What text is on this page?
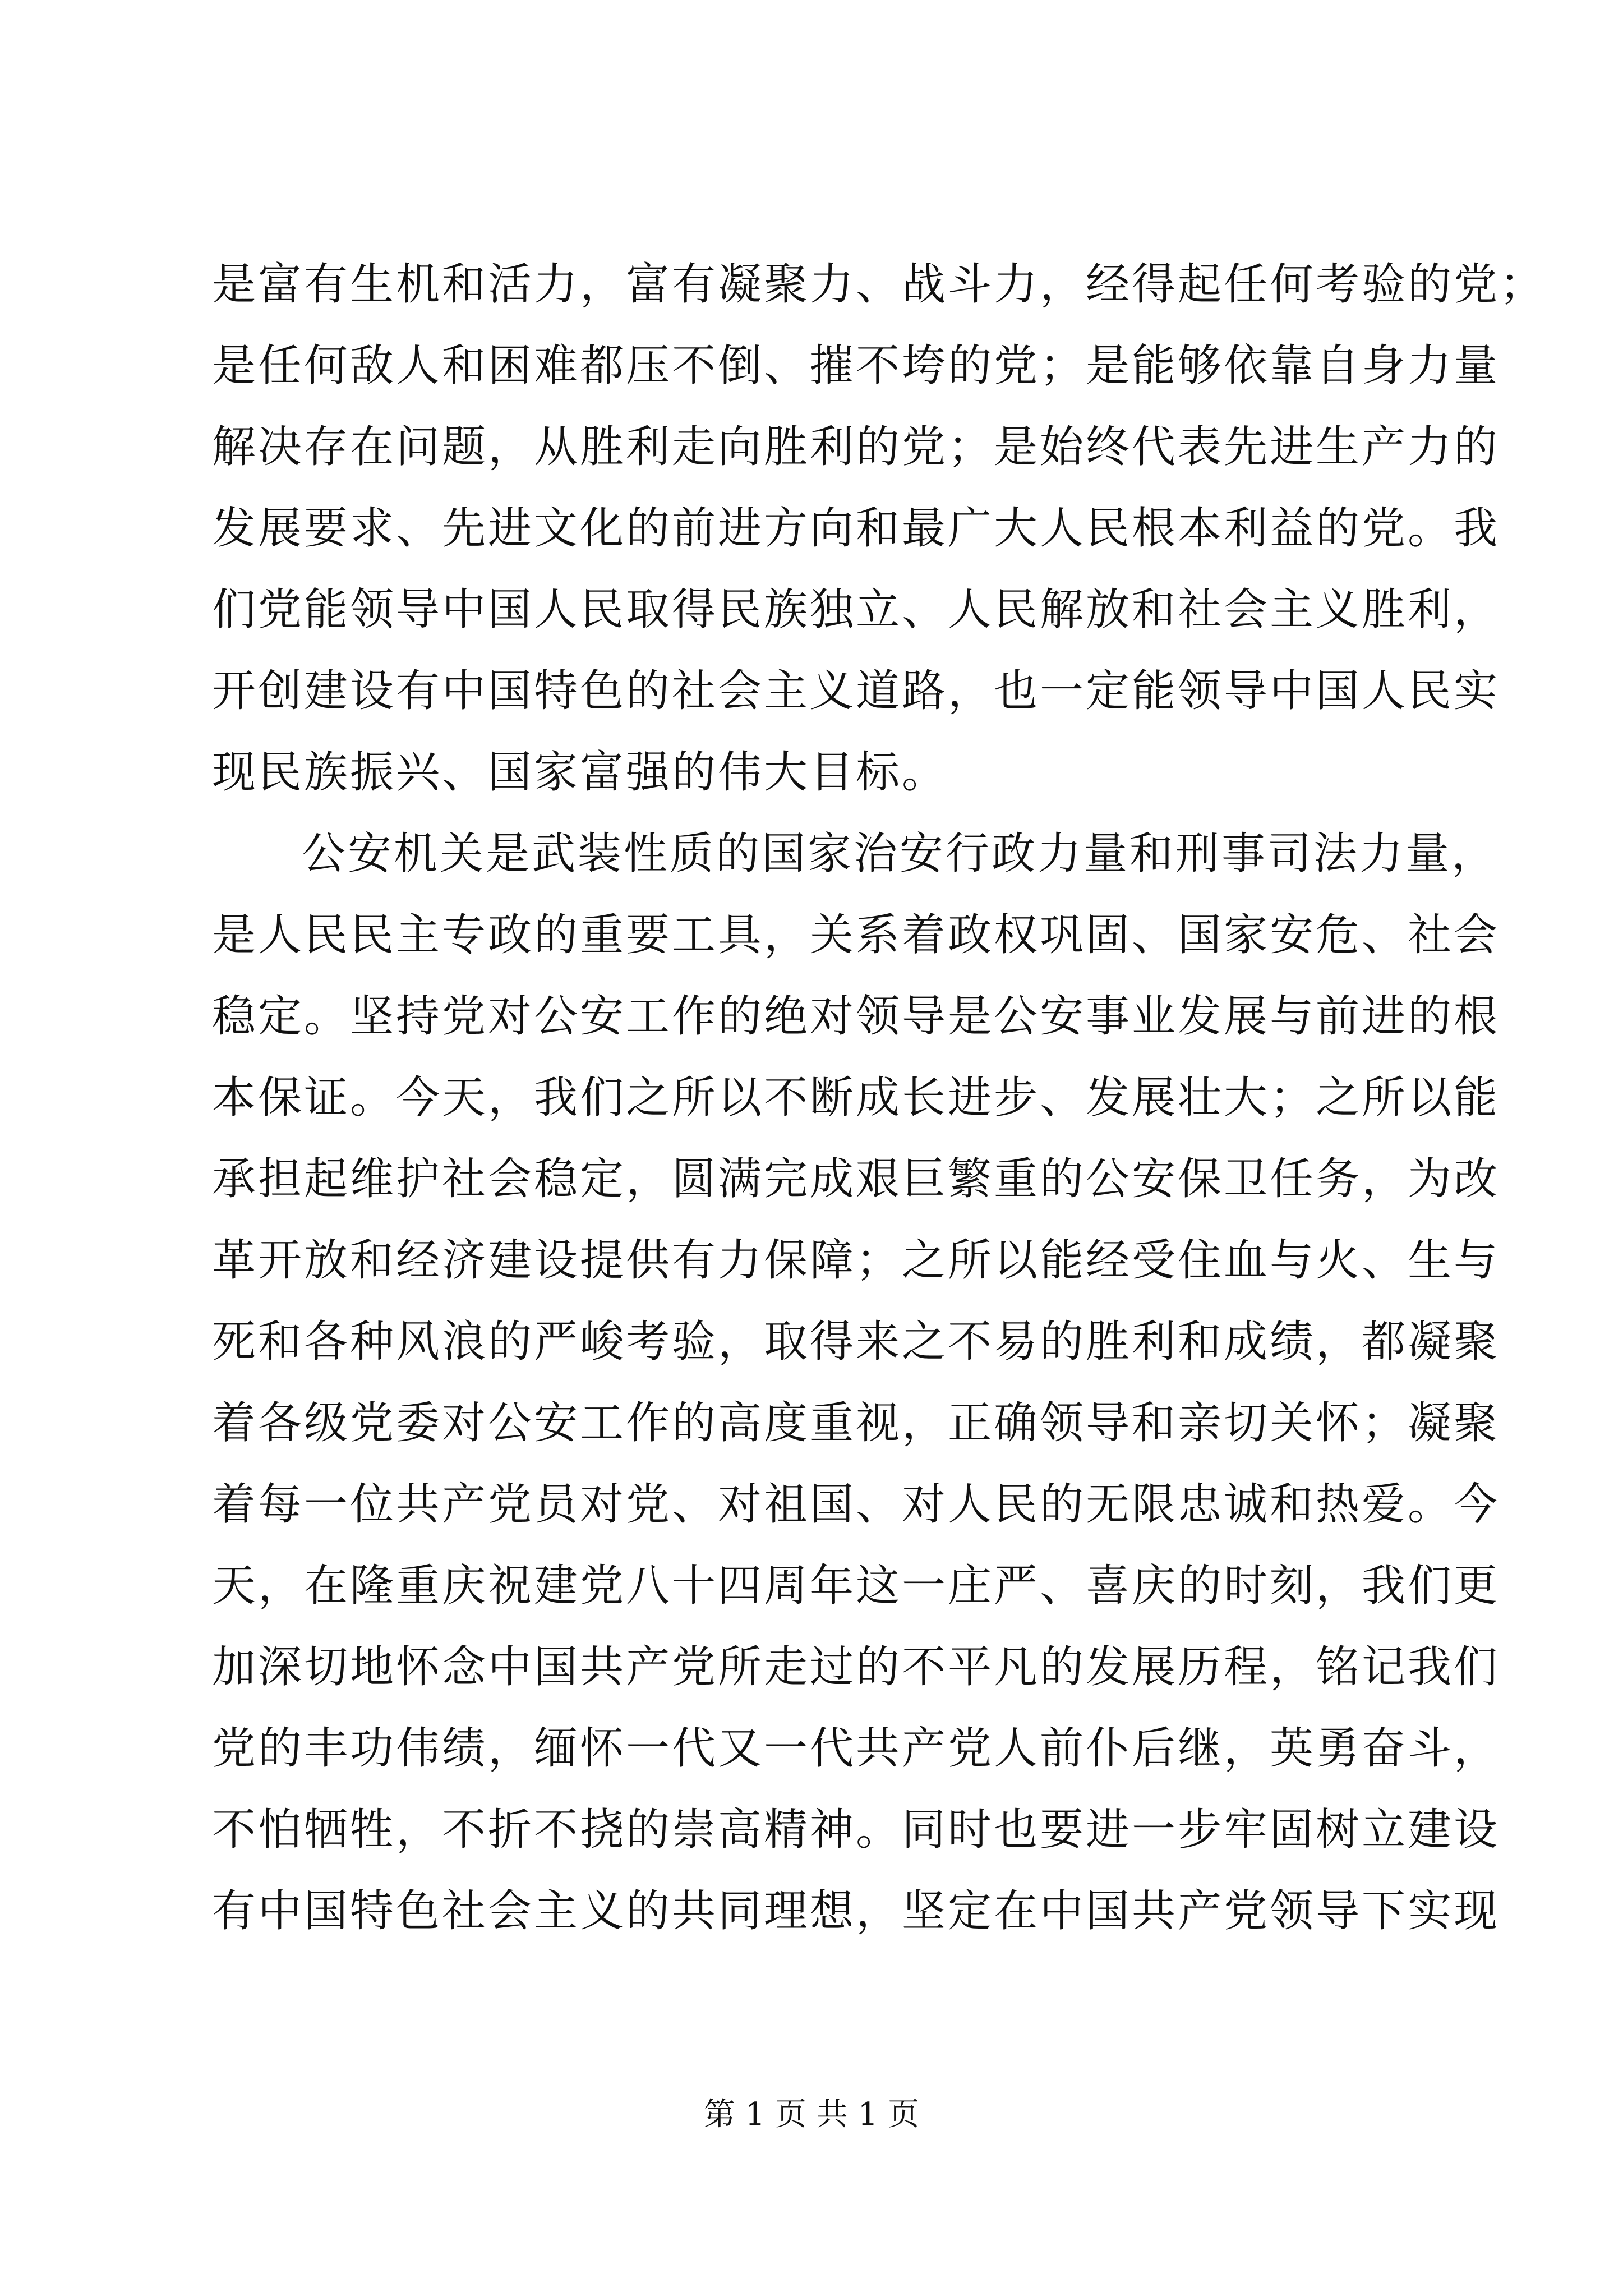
是富有生机和活力，富有凝聚力、战斗力，经得起任何考验的党；
是任何敌人和困难都压不倒、摧不垮的党；是能够依靠自身力量
解决存在问题，从胜利走向胜利的党；是始终代表先进生产力的
发展要求、先进文化的前进方向和最广大人民根本利益的党。我
们党能领导中国人民取得民族独立、人民解放和社会主义胜利，
开创建设有中国特色的社会主义道路，也一定能领导中国人民实
现民族振兴、国家富强的伟大目标。
公安机关是武装性质的国家治安行政力量和刑事司法力量，
是人民民主专政的重要工具，关系着政权巩固、国家安危、社会
稳定。坚持党对公安工作的绝对领导是公安事业发展与前进的根
本保证。今天，我们之所以不断成长进步、发展壮大；之所以能
承担起维护社会稳定，圆满完成艰巨繁重的公安保卫任务，为改
革开放和经济建设提供有力保障；之所以能经受住血与火、生与
死和各种风浪的严峻考验，取得来之不易的胜利和成绩，都凝聚
着各级党委对公安工作的高度重视，正确领导和亲切关怀；凝聚
着每一位共产党员对党、对祖国、对人民的无限忠诚和热爱。今
天，在隆重庆祝建党八十四周年这一庄严、喜庆的时刻，我们更
加深切地怀念中国共产党所走过的不平凡的发展历程，铭记我们
党的丰功伟绩，缅怀一代又一代共产党人前仆后继，英勇奋斗，
不怕牺牲，不折不挠的崇高精神。同时也要进一步牢固树立建设
有中国特色社会主义的共同理想，坚定在中国共产党领导下实现
第 1 页 共 1 页
